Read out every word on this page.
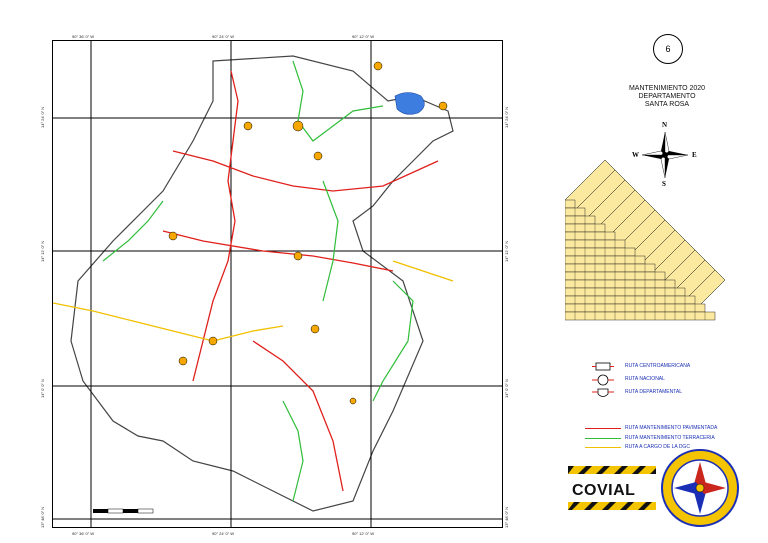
90° 36' 0" W	90° 24' 0" W	90° 12' 0" W
90° 36' 0" W	90° 24' 0" W	90° 12' 0" W
14° 24' 0" N
14° 12' 0" N
14° 0' 0" N
13° 48' 0" N
14° 24' 0" N
14° 12' 0" N
14° 0' 0" N
13° 48' 0" N
6
MANTENIMIENTO 2020
DEPARTAMENTO
SANTA ROSA
N
S
W	E
RUTA CENTROAMERICANA
RUTA NACIONAL
RUTA DEPARTAMENTAL
RUTA MANTENIMIENTO PAVIMENTADA
RUTA MANTENIMIENTO TERRACERIA
RUTA A CARGO DE LA DGC
COVIAL
